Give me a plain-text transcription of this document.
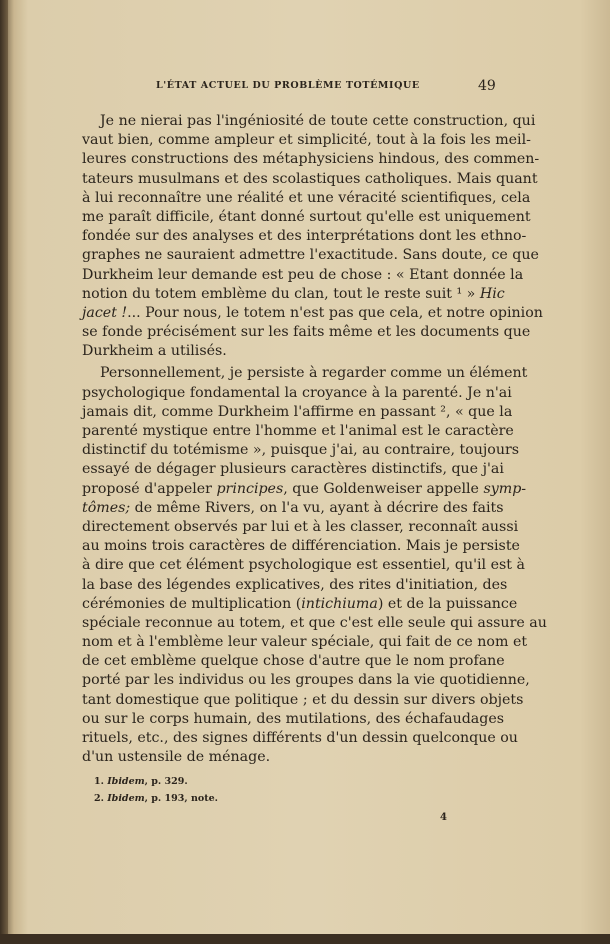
L'ÉTAT ACTUEL DU PROBLÈME TOTÉMIQUE	49
Je ne nierai pas l'ingéniosité de toute cette construction, qui
vaut bien, comme ampleur et simplicité, tout à la fois les meil-
leures constructions des métaphysiciens hindous, des commen-
tateurs musulmans et des scolastiques catholiques. Mais quant
à lui reconnaître une réalité et une véracité scientifiques, cela
me paraît difficile, étant donné surtout qu'elle est uniquement
fondée sur des analyses et des interprétations dont les ethno-
graphes ne sauraient admettre l'exactitude. Sans doute, ce que
Durkheim leur demande est peu de chose : « Etant donnée la
notion du totem emblème du clan, tout le reste suit ¹ » Hic
jacet !... Pour nous, le totem n'est pas que cela, et notre opinion
se fonde précisément sur les faits même et les documents que
Durkheim a utilisés.
Personnellement, je persiste à regarder comme un élément
psychologique fondamental la croyance à la parenté. Je n'ai
jamais dit, comme Durkheim l'affirme en passant ², « que la
parenté mystique entre l'homme et l'animal est le caractère
distinctif du totémisme », puisque j'ai, au contraire, toujours
essayé de dégager plusieurs caractères distinctifs, que j'ai
proposé d'appeler principes, que Goldenweiser appelle symp-
tômes; de même Rivers, on l'a vu, ayant à décrire des faits
directement observés par lui et à les classer, reconnaît aussi
au moins trois caractères de différenciation. Mais je persiste
à dire que cet élément psychologique est essentiel, qu'il est à
la base des légendes explicatives, des rites d'initiation, des
cérémonies de multiplication (intichiuma) et de la puissance
spéciale reconnue au totem, et que c'est elle seule qui assure au
nom et à l'emblème leur valeur spéciale, qui fait de ce nom et
de cet emblème quelque chose d'autre que le nom profane
porté par les individus ou les groupes dans la vie quotidienne,
tant domestique que politique ; et du dessin sur divers objets
ou sur le corps humain, des mutilations, des échafaudages
rituels, etc., des signes différents d'un dessin quelconque ou
d'un ustensile de ménage.
1. Ibidem, p. 329.
2. Ibidem, p. 193, note.
4
